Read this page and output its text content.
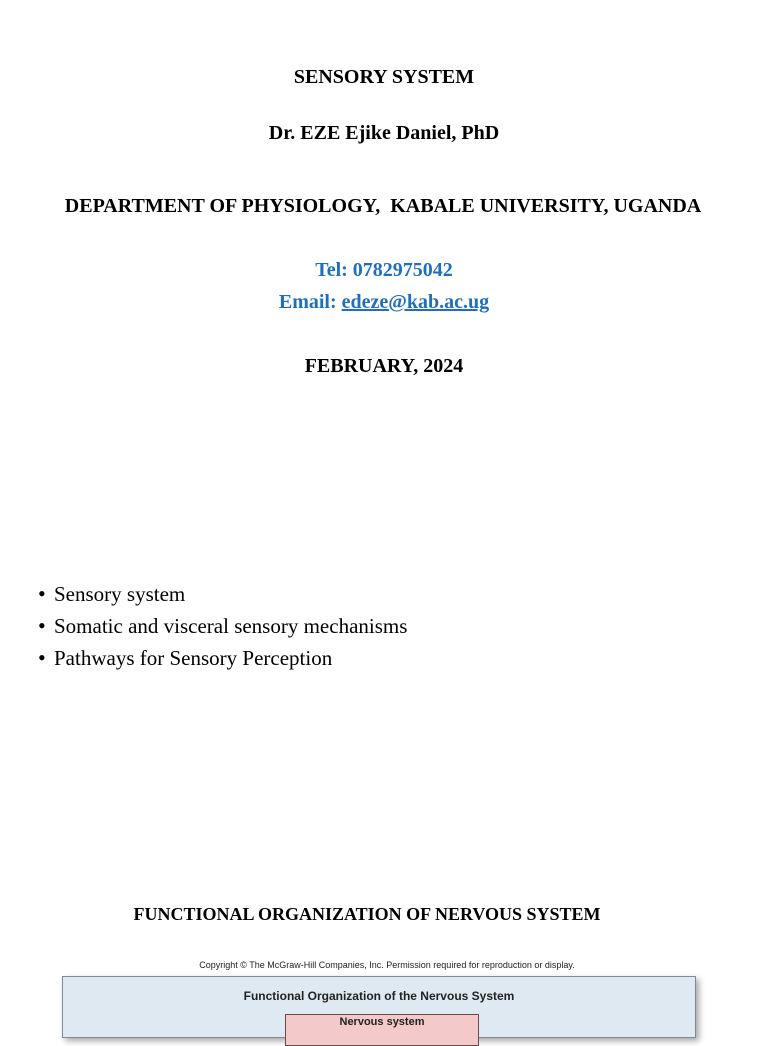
SENSORY SYSTEM
Dr. EZE Ejike Daniel, PhD
DEPARTMENT OF PHYSIOLOGY,  KABALE UNIVERSITY, UGANDA
Tel: 0782975042
Email: edeze@kab.ac.ug
FEBRUARY, 2024
• Sensory system
• Somatic and visceral sensory mechanisms
• Pathways for Sensory Perception
FUNCTIONAL ORGANIZATION OF NERVOUS SYSTEM
Copyright © The McGraw-Hill Companies, Inc. Permission required for reproduction or display.
Functional Organization of the Nervous System
Nervous system
